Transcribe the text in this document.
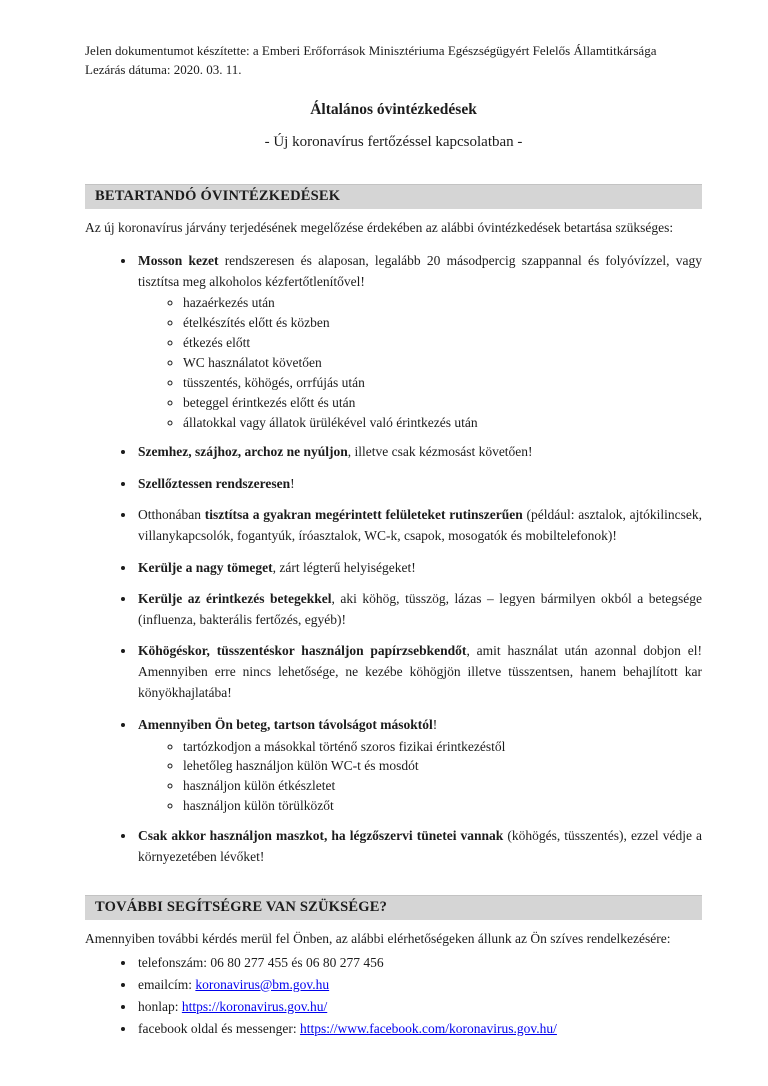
Jelen dokumentumot készítette: a Emberi Erőforrások Minisztériuma Egészségügyért Felelős Államtitkársága

Lezárás dátuma: 2020. 03. 11.

Általános óvintézkedések

- Új koronavírus fertőzéssel kapcsolatban -

BETARTANDÓ ÓVINTÉZKEDÉSEK

Az új koronavírus járvány terjedésének megelőzése érdekében az alábbi óvintézkedések betartása szükséges:

• Mosson kezet rendszeresen és alaposan, legalább 20 másodpercig szappannal és folyóvízzel, vagy tisztítsa meg alkoholos kézfertőtlenítővel!
◦ hazaérkezés után
◦ ételkészítés előtt és közben
◦ étkezés előtt
◦ WC használatot követően
◦ tüsszentés, köhögés, orrfújás után
◦ beteggel érintkezés előtt és után
◦ állatokkal vagy állatok ürülékével való érintkezés után
• Szemhez, szájhoz, archoz ne nyúljon, illetve csak kézmosást követően!
• Szellőztessen rendszeresen!
• Otthonában tisztítsa a gyakran megérintett felületeket rutinszerűen (például: asztalok, ajtókilincsek, villanykapcsolók, fogantyúk, íróasztalok, WC-k, csapok, mosogatók és mobiltelefonok)!
• Kerülje a nagy tömeget, zárt légterű helyiségeket!
• Kerülje az érintkezés betegekkel, aki köhög, tüsszög, lázas – legyen bármilyen okból a betegsége (influenza, bakterális fertőzés, egyéb)!
• Köhögéskor, tüsszentéskor használjon papírzsebkendőt, amit használat után azonnal dobjon el! Amennyiben erre nincs lehetősége, ne kezébe köhögjön illetve tüsszentsen, hanem behajlított kar könyökhajlatába!
• Amennyiben Ön beteg, tartson távolságot másoktól!
◦ tartózkodjon a másokkal történő szoros fizikai érintkezéstől
◦ lehetőleg használjon külön WC-t és mosdót
◦ használjon külön étkészletet
◦ használjon külön törülközőt
• Csak akkor használjon maszkot, ha légzőszervi tünetei vannak (köhögés, tüsszentés), ezzel védje a környezetében lévőket!
TOVÁBBI SEGÍTSÉGRE VAN SZÜKSÉGE?

Amennyiben további kérdés merül fel Önben, az alábbi elérhetőségeken állunk az Ön szíves rendelkezésére:

• telefonszám: 06 80 277 455 és 06 80 277 456
• emailcím: koronavirus@bm.gov.hu
• honlap: https://koronavirus.gov.hu/
• facebook oldal és messenger: https://www.facebook.com/koronavirus.gov.hu/
